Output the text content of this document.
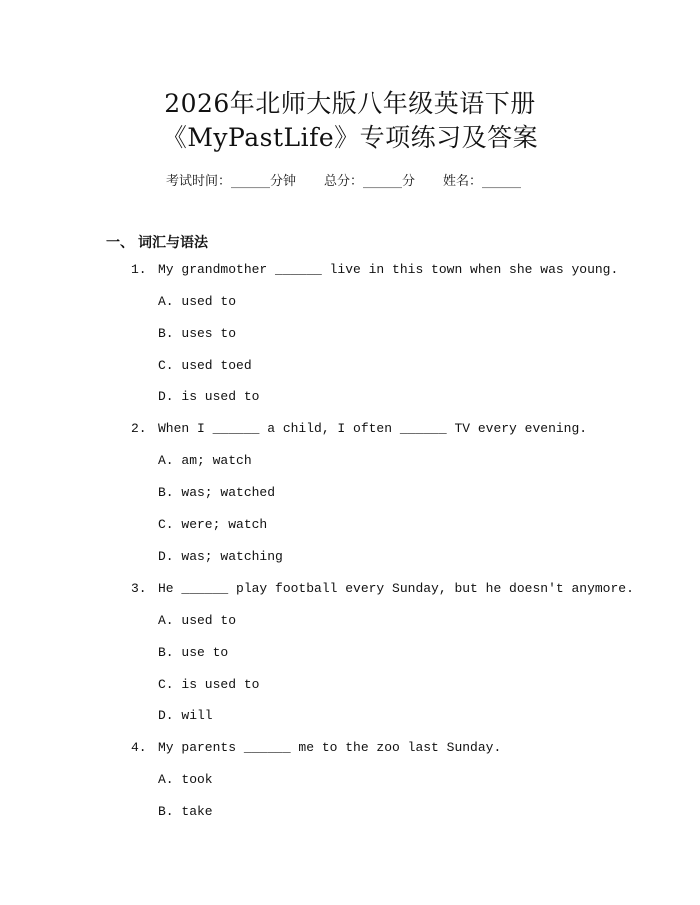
2026年北师大版八年级英语下册
《MyPastLife》专项练习及答案
考试时间：______分钟 总分：______分 姓名：______
一、 词汇与语法
1. My grandmother ______ live in this town when she was young.
A. used to
B. uses to
C. used toed
D. is used to
2. When I ______ a child, I often ______ TV every evening.
A. am; watch
B. was; watched
C. were; watch
D. was; watching
3. He ______ play football every Sunday, but he doesn't anymore.
A. used to
B. use to
C. is used to
D. will
4. My parents ______ me to the zoo last Sunday.
A. took
B. take
